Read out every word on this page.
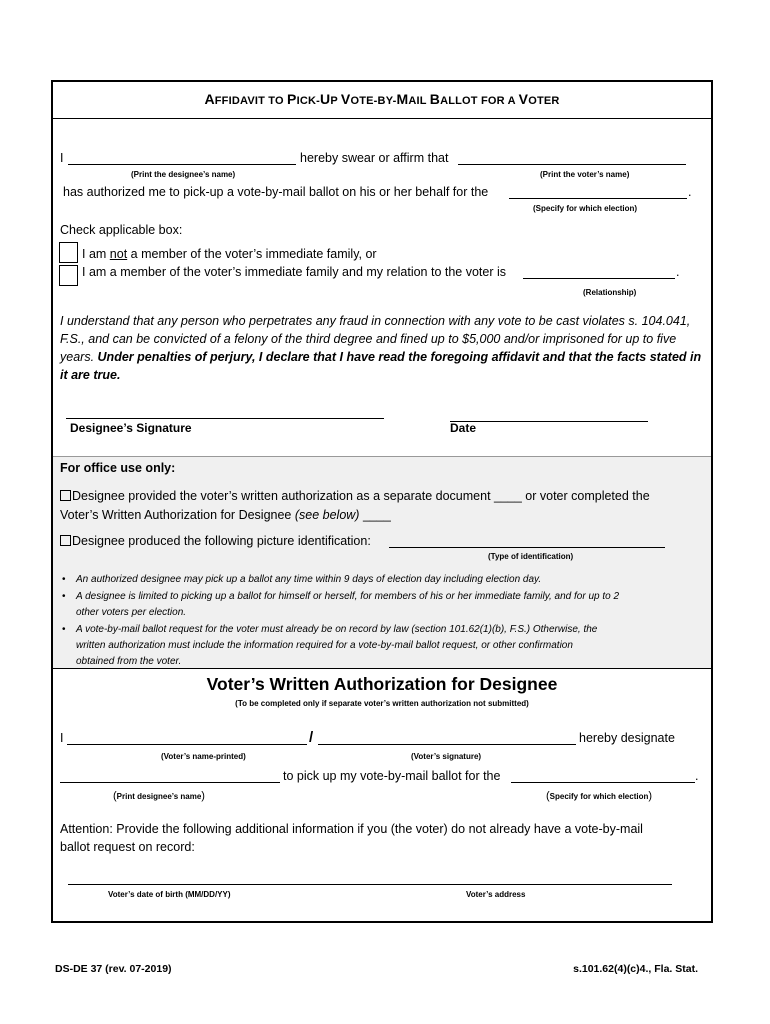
AFFIDAVIT TO PICK-UP VOTE-BY-MAIL BALLOT FOR A VOTER
I	hereby swear or affirm that
(Print the designee’s name)	(Print the voter’s name)
has authorized me to pick-up a vote-by-mail ballot on his or her behalf for the	.
(Specify for which election)
Check applicable box:
I am not a member of the voter’s immediate family, or
I am a member of the voter’s immediate family and my relation to the voter is	.
(Relationship)
I understand that any person who perpetrates any fraud in connection with any vote to be cast violates s. 104.041, F.S., and can be convicted of a felony of the third degree and fined up to $5,000 and/or imprisoned for up to five years. Under penalties of perjury, I declare that I have read the foregoing affidavit and that the facts stated in it are true.
Designee’s Signature	Date
For office use only:
Designee provided the voter’s written authorization as a separate document ____ or voter completed the
Voter’s Written Authorization for Designee (see below) ____
Designee produced the following picture identification:
(Type of identification)
• An authorized designee may pick up a ballot any time within 9 days of election day including election day.
• A designee is limited to picking up a ballot for himself or herself, for members of his or her immediate family, and for up to 2
other voters per election.
• A vote-by-mail ballot request for the voter must already be on record by law (section 101.62(1)(b), F.S.) Otherwise, the
written authorization must include the information required for a vote-by-mail ballot request, or other confirmation
obtained from the voter.
Voter’s Written Authorization for Designee
(To be completed only if separate voter’s written authorization not submitted)
I	/	hereby designate
(Voter’s name-printed)	(Voter’s signature)
to pick up my vote-by-mail ballot for the	.
(Print designee’s name)	(Specify for which election)
Attention: Provide the following additional information if you (the voter) do not already have a vote-by-mail
ballot request on record:
Voter’s date of birth (MM/DD/YY)	Voter’s address
DS-DE 37 (rev. 07-2019)	s.101.62(4)(c)4., Fla. Stat.
